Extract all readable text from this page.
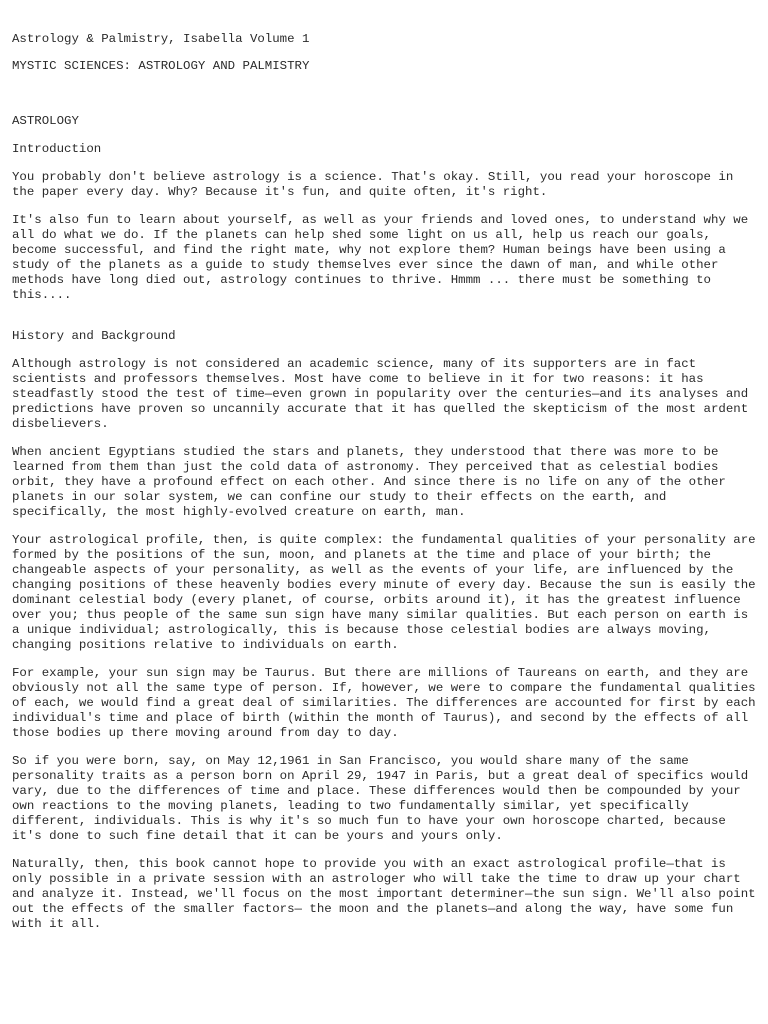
Astrology & Palmistry, Isabella Volume 1

MYSTIC SCIENCES: ASTROLOGY AND PALMISTRY

ASTROLOGY

Introduction

You probably don't believe astrology is a science. That's okay. Still, you read your horoscope in the paper every day. Why? Because it's fun, and quite often, it's right.

It's also fun to learn about yourself, as well as your friends and loved ones, to understand why we all do what we do. If the planets can help shed some light on us all, help us reach our goals, become successful, and find the right mate, why not explore them? Human beings have been using a study of the planets as a guide to study themselves ever since the dawn of man, and while other methods have long died out, astrology continues to thrive. Hmmm ... there must be something to this....

History and Background

Although astrology is not considered an academic science, many of its supporters are in fact scientists and professors themselves. Most have come to believe in it for two reasons: it has steadfastly stood the test of time—even grown in popularity over the centuries—and its analyses and predictions have proven so uncannily accurate that it has quelled the skepticism of the most ardent disbelievers.

When ancient Egyptians studied the stars and planets, they understood that there was more to be learned from them than just the cold data of astronomy. They perceived that as celestial bodies orbit, they have a profound effect on each other. And since there is no life on any of the other planets in our solar system, we can confine our study to their effects on the earth, and specifically, the most highly-evolved creature on earth, man.

Your astrological profile, then, is quite complex: the fundamental qualities of your personality are formed by the positions of the sun, moon, and planets at the time and place of your birth; the changeable aspects of your personality, as well as the events of your life, are influenced by the changing positions of these heavenly bodies every minute of every day. Because the sun is easily the dominant celestial body (every planet, of course, orbits around it), it has the greatest influence over you; thus people of the same sun sign have many similar qualities. But each person on earth is a unique individual; astrologically, this is because those celestial bodies are always moving, changing positions relative to individuals on earth.

For example, your sun sign may be Taurus. But there are millions of Taureans on earth, and they are obviously not all the same type of person. If, however, we were to compare the fundamental qualities of each, we would find a great deal of similarities. The differences are accounted for first by each individual's time and place of birth (within the month of Taurus), and second by the effects of all those bodies up there moving around from day to day.

So if you were born, say, on May 12,1961 in San Francisco, you would share many of the same personality traits as a person born on April 29, 1947 in Paris, but a great deal of specifics would vary, due to the differences of time and place. These differences would then be compounded by your own reactions to the moving planets, leading to two fundamentally similar, yet specifically different, individuals. This is why it's so much fun to have your own horoscope charted, because it's done to such fine detail that it can be yours and yours only.

Naturally, then, this book cannot hope to provide you with an exact astrological profile—that is only possible in a private session with an astrologer who will take the time to draw up your chart and analyze it. Instead, we'll focus on the most important determiner—the sun sign. We'll also point out the effects of the smaller factors— the moon and the planets—and along the way, have some fun with it all.
